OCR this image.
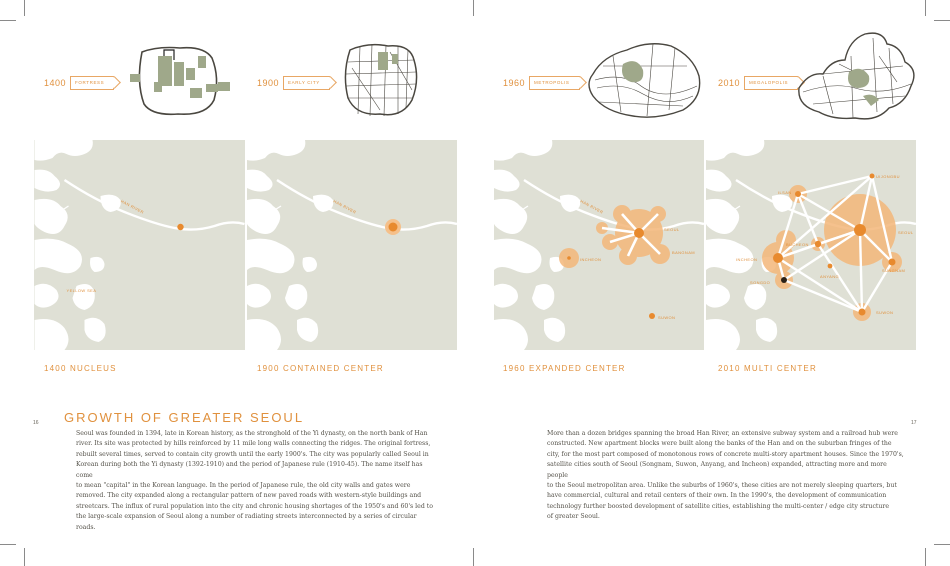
1400	FORTRESS	1900	EARLY CITY	1960	METROPOLIS	2010	MEGALOPOLIS
HAN RIVER
YELLOW SEA
HAN RIVER	HAN RIVER
SEOUL
INCHEON
BANGNAM
SUWON
UIJONGBU
ILSAN
SEOUL
BUCHEON
INCHEON
ANYANG
SONGDO
SUNGNAM
SUWON
1400 NUCLEUS	1900 CONTAINED CENTER	1960 EXPANDED CENTER	2010 MULTI CENTER
16	17
GROWTH OF GREATER SEOUL
Seoul was founded in 1394, late in Korean history, as the stronghold of the Yi dynasty, on the north bank of Han
river. Its site was protected by hills reinforced by 11 mile long walls connecting the ridges. The original fortress,
rebuilt several times, served to contain city growth until the early 1900's. The city was popularly called Seoul in
Korean during both the Yi dynasty (1392-1910) and the period of Japanese rule (1910-45). The name itself has come
to mean "capital" in the Korean language. In the period of Japanese rule, the old city walls and gates were
removed. The city expanded along a rectangular pattern of new paved roads with western-style buildings and
streetcars. The influx of rural population into the city and chronic housing shortages of the 1950's and 60's led to
the large-scale expansion of Seoul along a number of radiating streets interconnected by a series of circular roads.
More than a dozen bridges spanning the broad Han River, an extensive subway system and a railroad hub were
constructed. New apartment blocks were built along the banks of the Han and on the suburban fringes of the
city, for the most part composed of monotonous rows of concrete multi-story apartment houses. Since the 1970's,
satellite cities south of Seoul (Songnam, Suwon, Anyang, and Incheon) expanded, attracting more and more people
to the Seoul metropolitan area. Unlike the suburbs of 1960's, these cities are not merely sleeping quarters, but
have commercial, cultural and retail centers of their own. In the 1990's, the development of communication
technology further boosted development of satellite cities, establishing the multi-center / edge city structure
of greater Seoul.
